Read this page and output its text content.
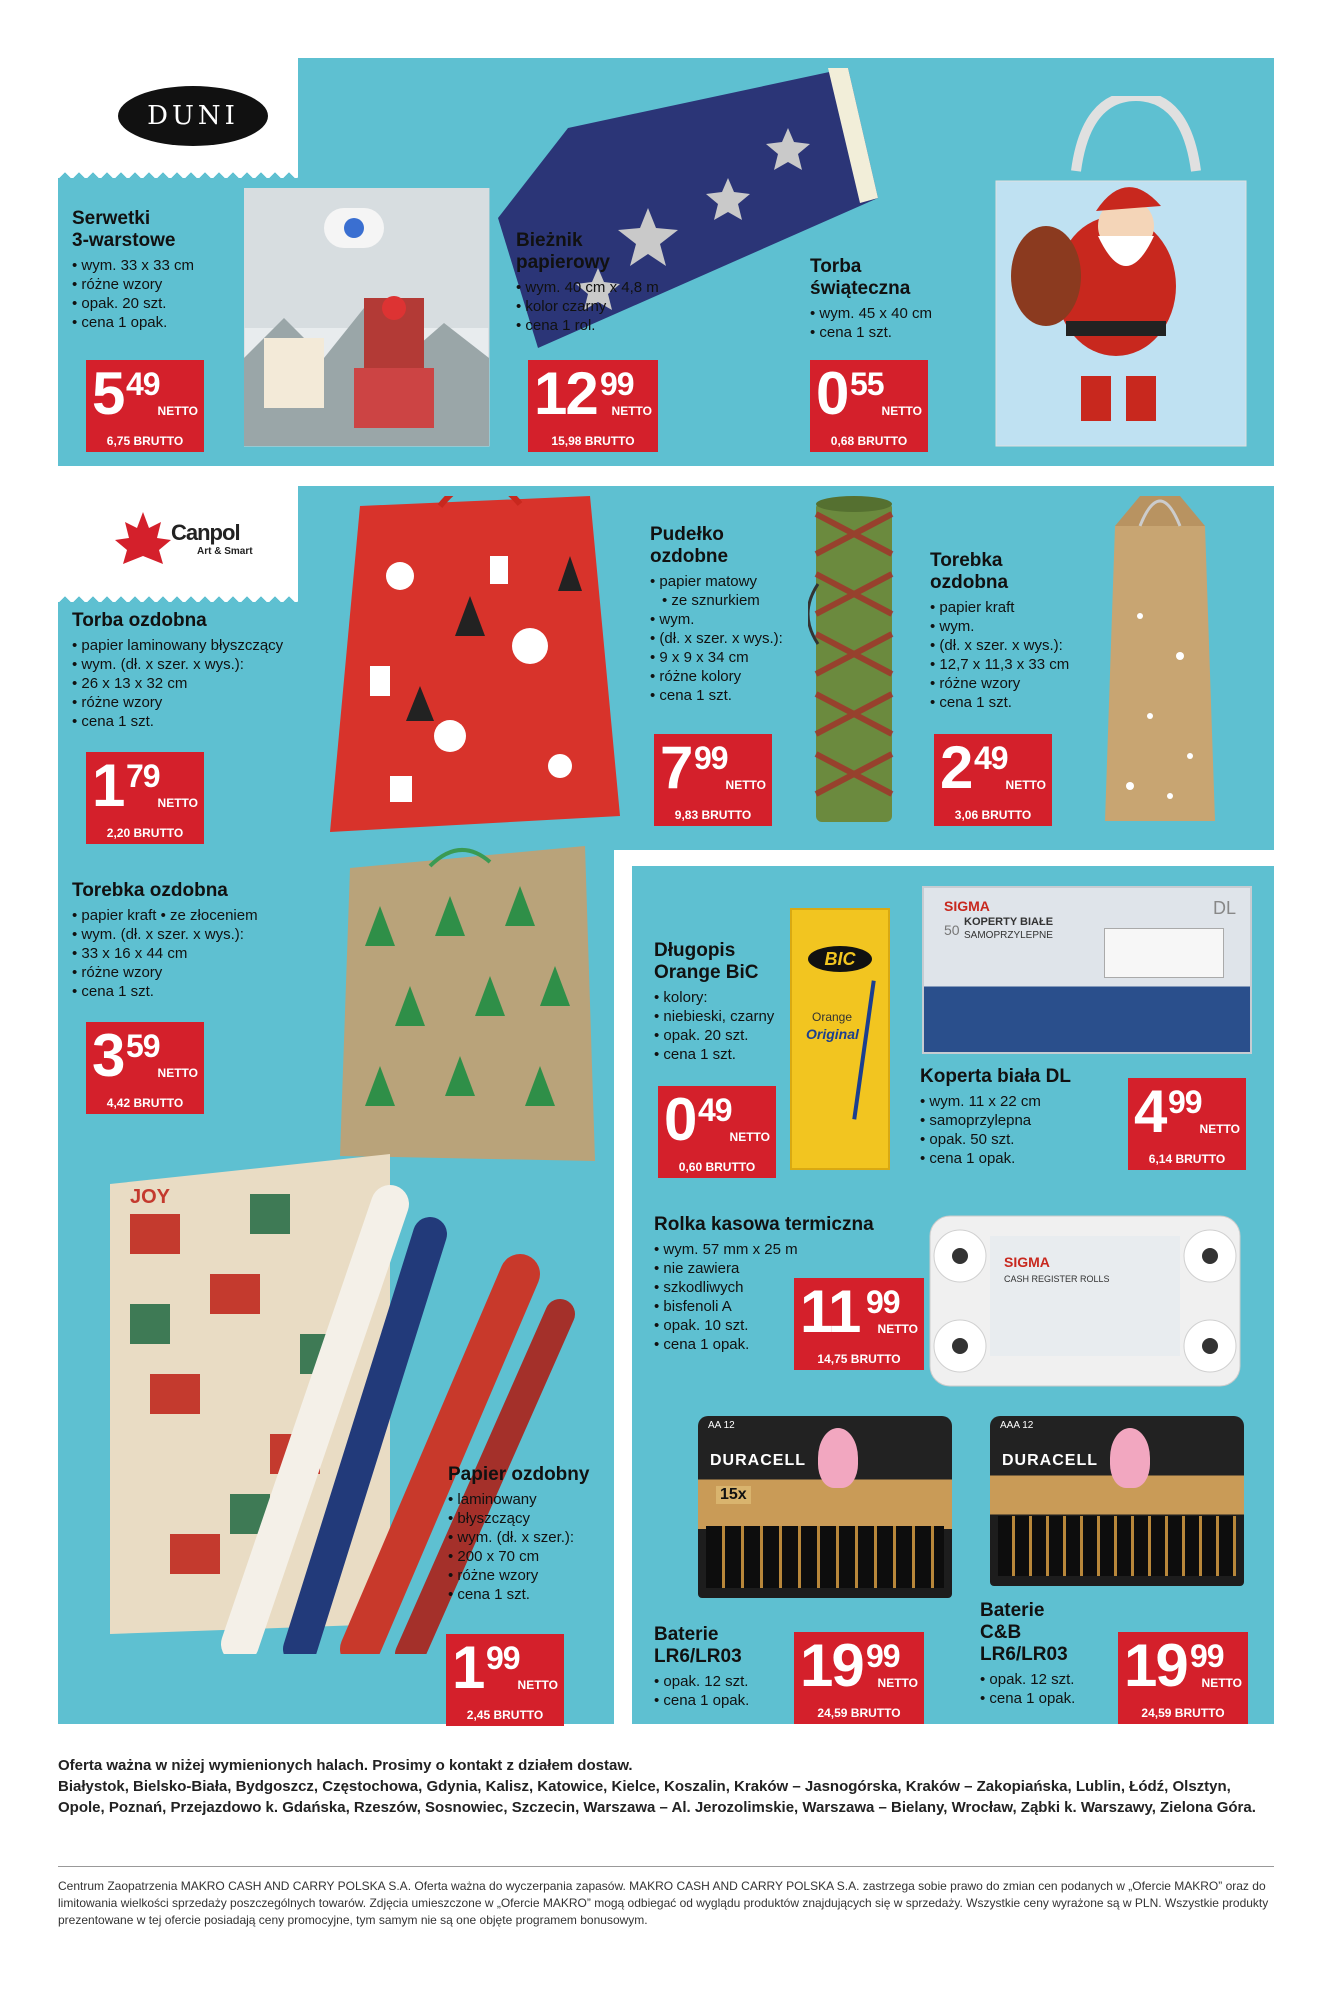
DUNI
Serwetki
3-warstowe
• wym. 33 x 33 cm
• różne wzory
• opak. 20 szt.
• cena 1 opak.
5 49
NETTO
6,75 BRUTTO
Bieżnik
papierowy
• wym. 40 cm x 4,8 m
• kolor czarny
• cena 1 rol.
12 99
NETTO
15,98 BRUTTO
Torba
świąteczna
• wym. 45 x 40 cm
• cena 1 szt.
0 55
NETTO
0,68 BRUTTO
Canpol
Art & Smart
Torba ozdobna
• papier laminowany błyszczący
• wym. (dł. x szer. x wys.):
• 26 x 13 x 32 cm
• różne wzory
• cena 1 szt.
1 79
NETTO
2,20 BRUTTO
Pudełko
ozdobne
• papier matowy
• ze sznurkiem
• wym.
• (dł. x szer. x wys.):
• 9 x 9 x 34 cm
• różne kolory
• cena 1 szt.
7 99
NETTO
9,83 BRUTTO
Torebka
ozdobna
• papier kraft
• wym.
• (dł. x szer. x wys.):
• 12,7 x 11,3 x 33 cm
• różne wzory
• cena 1 szt.
2 49
NETTO
3,06 BRUTTO
Torebka ozdobna
• papier kraft • ze złoceniem
• wym. (dł. x szer. x wys.):
• 33 x 16 x 44 cm
• różne wzory
• cena 1 szt.
3 59
NETTO
4,42 BRUTTO
Długopis
Orange BiC
• kolory:
• niebieski, czarny
• opak. 20 szt.
• cena 1 szt.
0 49
NETTO
0,60 BRUTTO
BIC
Orange
Original
SIGMA
50 KOPERTY BIAŁE
SAMOPRZYLEPNE
DL
Koperta biała DL
• wym. 11 x 22 cm
• samoprzylepna
• opak. 50 szt.
• cena 1 opak.
4 99
NETTO
6,14 BRUTTO
Rolka kasowa termiczna
• wym. 57 mm x 25 m
• nie zawiera
• szkodliwych
• bisfenoli A
• opak. 10 szt.
• cena 1 opak. 11 99
NETTO
14,75 BRUTTO
SIGMA
CASH REGISTER ROLLS
JOY
Papier ozdobny
• laminowany
• błyszczący
• wym. (dł. x szer.):
• 200 x 70 cm
• różne wzory
• cena 1 szt.
1 99
NETTO
2,45 BRUTTO
AA 12
DURACELL
15x
Baterie
LR6/LR03
• opak. 12 szt.
• cena 1 opak.
19 99
NETTO
24,59 BRUTTO
AAA 12
DURACELL
Baterie
C&B
LR6/LR03
• opak. 12 szt.
• cena 1 opak. 19 99
NETTO
24,59 BRUTTO
Oferta ważna w niżej wymienionych halach. Prosimy o kontakt z działem dostaw.
Białystok, Bielsko-Biała, Bydgoszcz, Częstochowa, Gdynia, Kalisz, Katowice, Kielce, Koszalin, Kraków – Jasnogórska, Kraków – Zakopiańska, Lublin, Łódź, Olsztyn, Opole, Poznań, Przejazdowo k. Gdańska, Rzeszów, Sosnowiec, Szczecin, Warszawa – Al. Jerozolimskie, Warszawa – Bielany, Wrocław, Ząbki k. Warszawy, Zielona Góra.
Centrum Zaopatrzenia MAKRO CASH AND CARRY POLSKA S.A. Oferta ważna do wyczerpania zapasów. MAKRO CASH AND CARRY POLSKA S.A. zastrzega sobie prawo do zmian cen podanych w „Ofercie MAKRO” oraz do limitowania wielkości sprzedaży poszczególnych towarów. Zdjęcia umieszczone w „Ofercie MAKRO” mogą odbiegać od wyglądu produktów znajdujących się w sprzedaży. Wszystkie ceny wyrażone są w PLN. Wszystkie produkty prezentowane w tej ofercie posiadają ceny promocyjne, tym samym nie są one objęte programem bonusowym.
